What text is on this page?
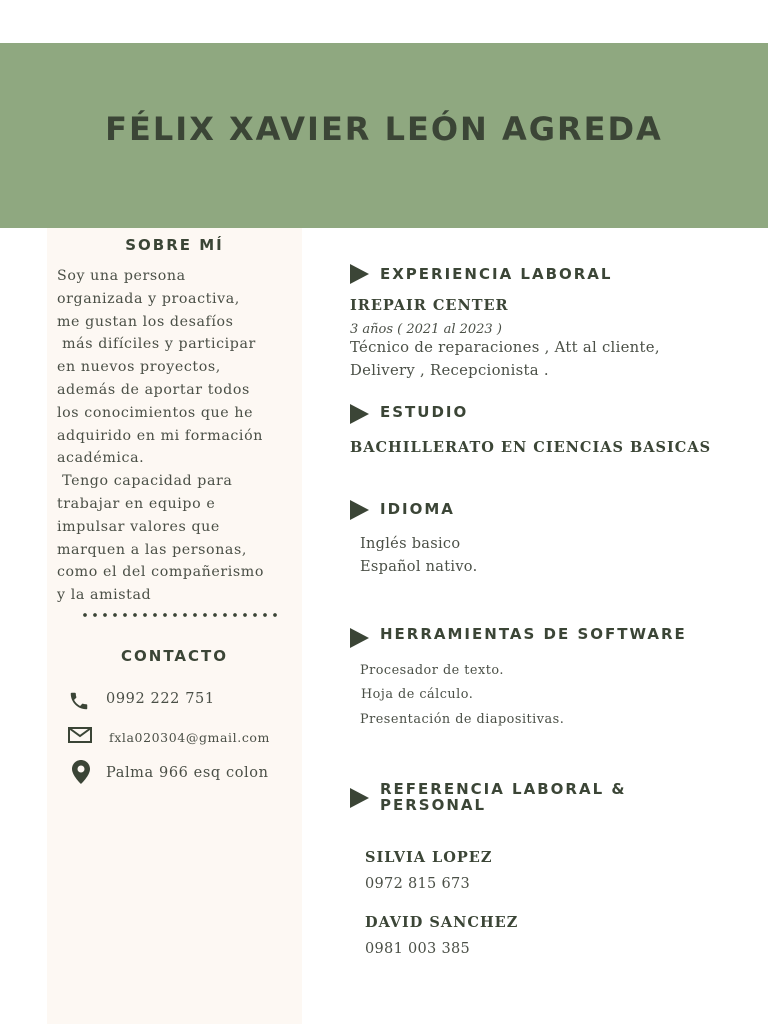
FÉLIX XAVIER LEÓN AGREDA
SOBRE MÍ
Soy una persona
organizada y proactiva,
me gustan los desafíos
más difíciles y participar
en nuevos proyectos,
además de aportar todos
los conocimientos que he
adquirido en mi formación
académica.
Tengo capacidad para
trabajar en equipo e
impulsar valores que
marquen a las personas,
como el del compañerismo
y la amistad
CONTACTO
0992 222 751
fxla020304@gmail.com
Palma 966 esq colon
EXPERIENCIA LABORAL
IREPAIR CENTER
3 años ( 2021 al 2023 )
Técnico de reparaciones , Att al cliente,
Delivery , Recepcionista .
ESTUDIO
BACHILLERATO EN CIENCIAS BASICAS
IDIOMA
Inglés basico
Español nativo.
HERRAMIENTAS DE SOFTWARE
Procesador de texto.
Hoja de cálculo.
Presentación de diapositivas.
REFERENCIA LABORAL &
PERSONAL
SILVIA LOPEZ
0972 815 673
DAVID SANCHEZ
0981 003 385
